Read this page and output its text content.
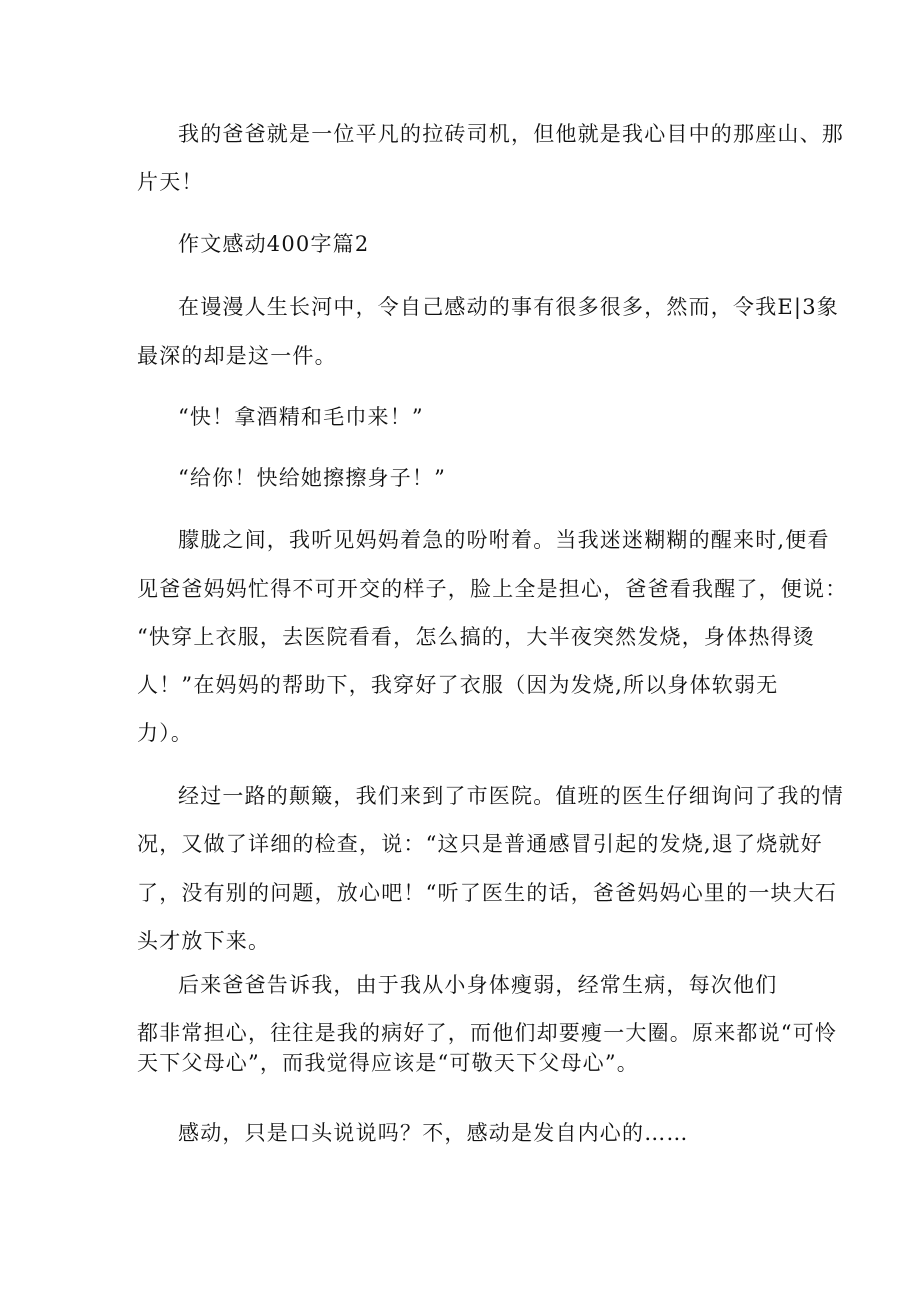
我的爸爸就是一位平凡的拉砖司机，但他就是我心目中的那座山、那
片天！
作文感动400字篇2
在谩漫人生长河中，令自己感动的事有很多很多，然而，令我E|3象
最深的却是这一件。
“快！拿酒精和毛巾来！”
“给你！快给她擦擦身子！”
朦胧之间，我听见妈妈着急的吩咐着。当我迷迷糊糊的醒来时,便看
见爸爸妈妈忙得不可开交的样子，脸上全是担心，爸爸看我醒了，便说：
“快穿上衣服，去医院看看，怎么搞的，大半夜突然发烧，身体热得烫
人！”在妈妈的帮助下，我穿好了衣服（因为发烧,所以身体软弱无
力）。
经过一路的颠簸，我们来到了市医院。值班的医生仔细询问了我的情
况，又做了详细的检查，说：“这只是普通感冒引起的发烧,退了烧就好
了，没有别的问题，放心吧！“听了医生的话，爸爸妈妈心里的一块大石
头才放下来。
后来爸爸告诉我，由于我从小身体瘦弱，经常生病，每次他们
都非常担心，往往是我的病好了，而他们却要瘦一大圈。原来都说“可怜
天下父母心”，而我觉得应该是“可敬天下父母心”。
感动，只是口头说说吗？不，感动是发自内心的……
